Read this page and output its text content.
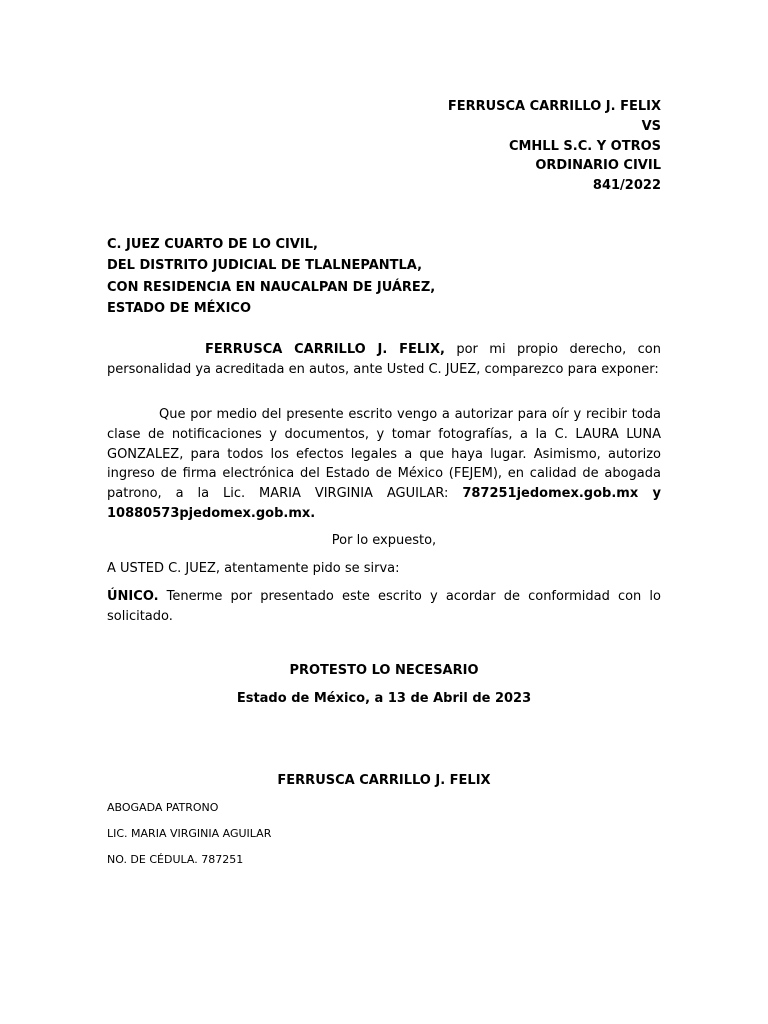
FERRUSCA CARRILLO J. FELIX
VS
CMHLL S.C. Y OTROS
ORDINARIO CIVIL
841/2022
C. JUEZ CUARTO DE LO CIVIL,
DEL DISTRITO JUDICIAL DE TLALNEPANTLA,
CON RESIDENCIA EN NAUCALPAN DE JUÁREZ,
ESTADO DE MÉXICO

FERRUSCA CARRILLO J. FELIX, por mi propio derecho, con personalidad ya acreditada en autos, ante Usted C. JUEZ, comparezco para exponer:

Que por medio del presente escrito vengo a autorizar para oír y recibir toda clase de notificaciones y documentos, y tomar fotografías, a la C. LAURA LUNA GONZALEZ, para todos los efectos legales a que haya lugar. Asimismo, autorizo ingreso de firma electrónica del Estado de México (FEJEM), en calidad de abogada patrono, a la Lic. MARIA VIRGINIA AGUILAR: 787251jedomex.gob.mx y 10880573pjedomex.gob.mx.

Por lo expuesto,

A USTED C. JUEZ, atentamente pido se sirva:

ÚNICO. Tenerme por presentado este escrito y acordar de conformidad con lo solicitado.

PROTESTO LO NECESARIO
Estado de México, a 13 de Abril de 2023
FERRUSCA CARRILLO J. FELIX
ABOGADA PATRONO
LIC. MARIA VIRGINIA AGUILAR
NO. DE CÉDULA. 787251
